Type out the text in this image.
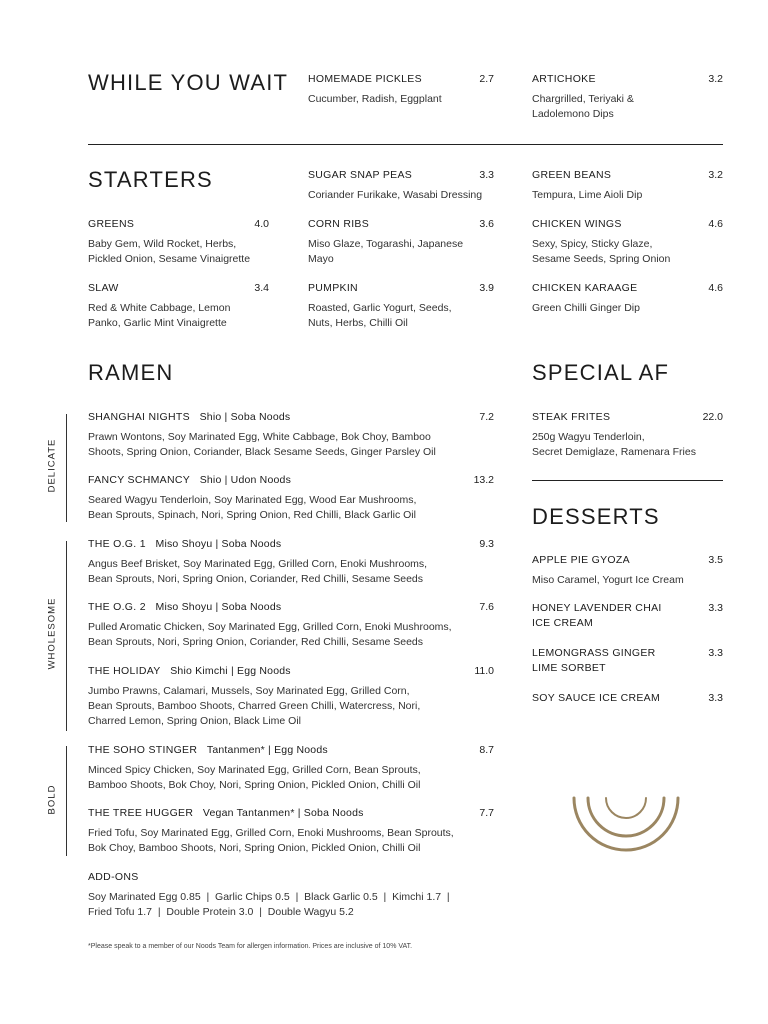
WHILE YOU WAIT HOMEMADE PICKLES	2.7
Cucumber, Radish, Eggplant
ARTICHOKE	3.2
Chargrilled, Teriyaki &
Ladolemono Dips
STARTERS	SUGAR SNAP PEAS	3.3
Coriander Furikake, Wasabi Dressing
GREEN BEANS	3.2
Tempura, Lime Aioli Dip
GREENS	4.0
Baby Gem, Wild Rocket, Herbs,
Pickled Onion, Sesame Vinaigrette
CORN RIBS	3.6
Miso Glaze, Togarashi, Japanese
Mayo
CHICKEN WINGS	4.6
Sexy, Spicy, Sticky Glaze,
Sesame Seeds, Spring Onion
SLAW	3.4
Red & White Cabbage, Lemon
Panko, Garlic Mint Vinaigrette
PUMPKIN	3.9
Roasted, Garlic Yogurt, Seeds,
Nuts, Herbs, Chilli Oil
CHICKEN KARAAGE	4.6
Green Chilli Ginger Dip
RAMEN
DELICATE
WHOLESOME
BOLD
SHANGHAI NIGHTS Shio | Soba Noods	7.2
Prawn Wontons, Soy Marinated Egg, White Cabbage, Bok Choy, Bamboo
Shoots, Spring Onion, Coriander, Black Sesame Seeds, Ginger Parsley Oil
FANCY SCHMANCY Shio | Udon Noods	13.2
Seared Wagyu Tenderloin, Soy Marinated Egg, Wood Ear Mushrooms,
Bean Sprouts, Spinach, Nori, Spring Onion, Red Chilli, Black Garlic Oil
THE O.G. 1 Miso Shoyu | Soba Noods	9.3
Angus Beef Brisket, Soy Marinated Egg, Grilled Corn, Enoki Mushrooms,
Bean Sprouts, Nori, Spring Onion, Coriander, Red Chilli, Sesame Seeds
THE O.G. 2 Miso Shoyu | Soba Noods	7.6
Pulled Aromatic Chicken, Soy Marinated Egg, Grilled Corn, Enoki Mushrooms,
Bean Sprouts, Nori, Spring Onion, Coriander, Red Chilli, Sesame Seeds
THE HOLIDAY Shio Kimchi | Egg Noods	11.0
Jumbo Prawns, Calamari, Mussels, Soy Marinated Egg, Grilled Corn,
Bean Sprouts, Bamboo Shoots, Charred Green Chilli, Watercress, Nori,
Charred Lemon, Spring Onion, Black Lime Oil
THE SOHO STINGER Tantanmen* | Egg Noods	8.7
Minced Spicy Chicken, Soy Marinated Egg, Grilled Corn, Bean Sprouts,
Bamboo Shoots, Bok Choy, Nori, Spring Onion, Pickled Onion, Chilli Oil
THE TREE HUGGER Vegan Tantanmen* | Soba Noods	7.7
Fried Tofu, Soy Marinated Egg, Grilled Corn, Enoki Mushrooms, Bean Sprouts,
Bok Choy, Bamboo Shoots, Nori, Spring Onion, Pickled Onion, Chilli Oil
ADD-ONS
Soy Marinated Egg 0.85  |  Garlic Chips 0.5  |  Black Garlic 0.5  |  Kimchi 1.7  |
Fried Tofu 1.7  |  Double Protein 3.0  |  Double Wagyu 5.2
SPECIAL AF
STEAK FRITES	22.0
250g Wagyu Tenderloin,
Secret Demiglaze, Ramenara Fries
DESSERTS
APPLE PIE GYOZA	3.5
Miso Caramel, Yogurt Ice Cream
HONEY LAVENDER CHAI	3.3
ICE CREAM
LEMONGRASS GINGER	3.3
LIME SORBET
SOY SAUCE ICE CREAM	3.3
*Please speak to a member of our Noods Team for allergen information. Prices are inclusive of 10% VAT.
